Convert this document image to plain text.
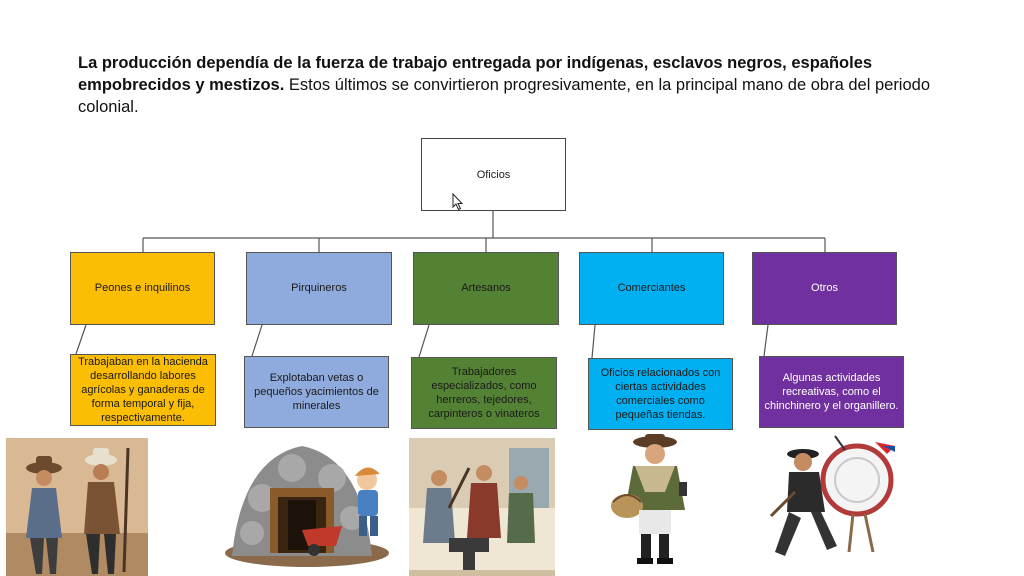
La producción dependía de la fuerza de trabajo entregada por indígenas, esclavos negros, españoles empobrecidos y mestizos. Estos últimos se convirtieron progresivamente, en la principal mano de obra del periodo colonial.

Oficios
Peones e inquilinos
Trabajaban en la hacienda desarrollando labores agrícolas y ganaderas de forma temporal y fija, respectivamente.
Pirquineros
Explotaban vetas o pequeños yacimientos de minerales
Artesanos
Trabajadores especializados, como herreros, tejedores, carpinteros o vinateros
Comerciantes
Oficios relacionados con ciertas actividades comerciales como pequeñas tiendas.
Otros
Algunas actividades recreativas, como el chinchinero y el organillero.
